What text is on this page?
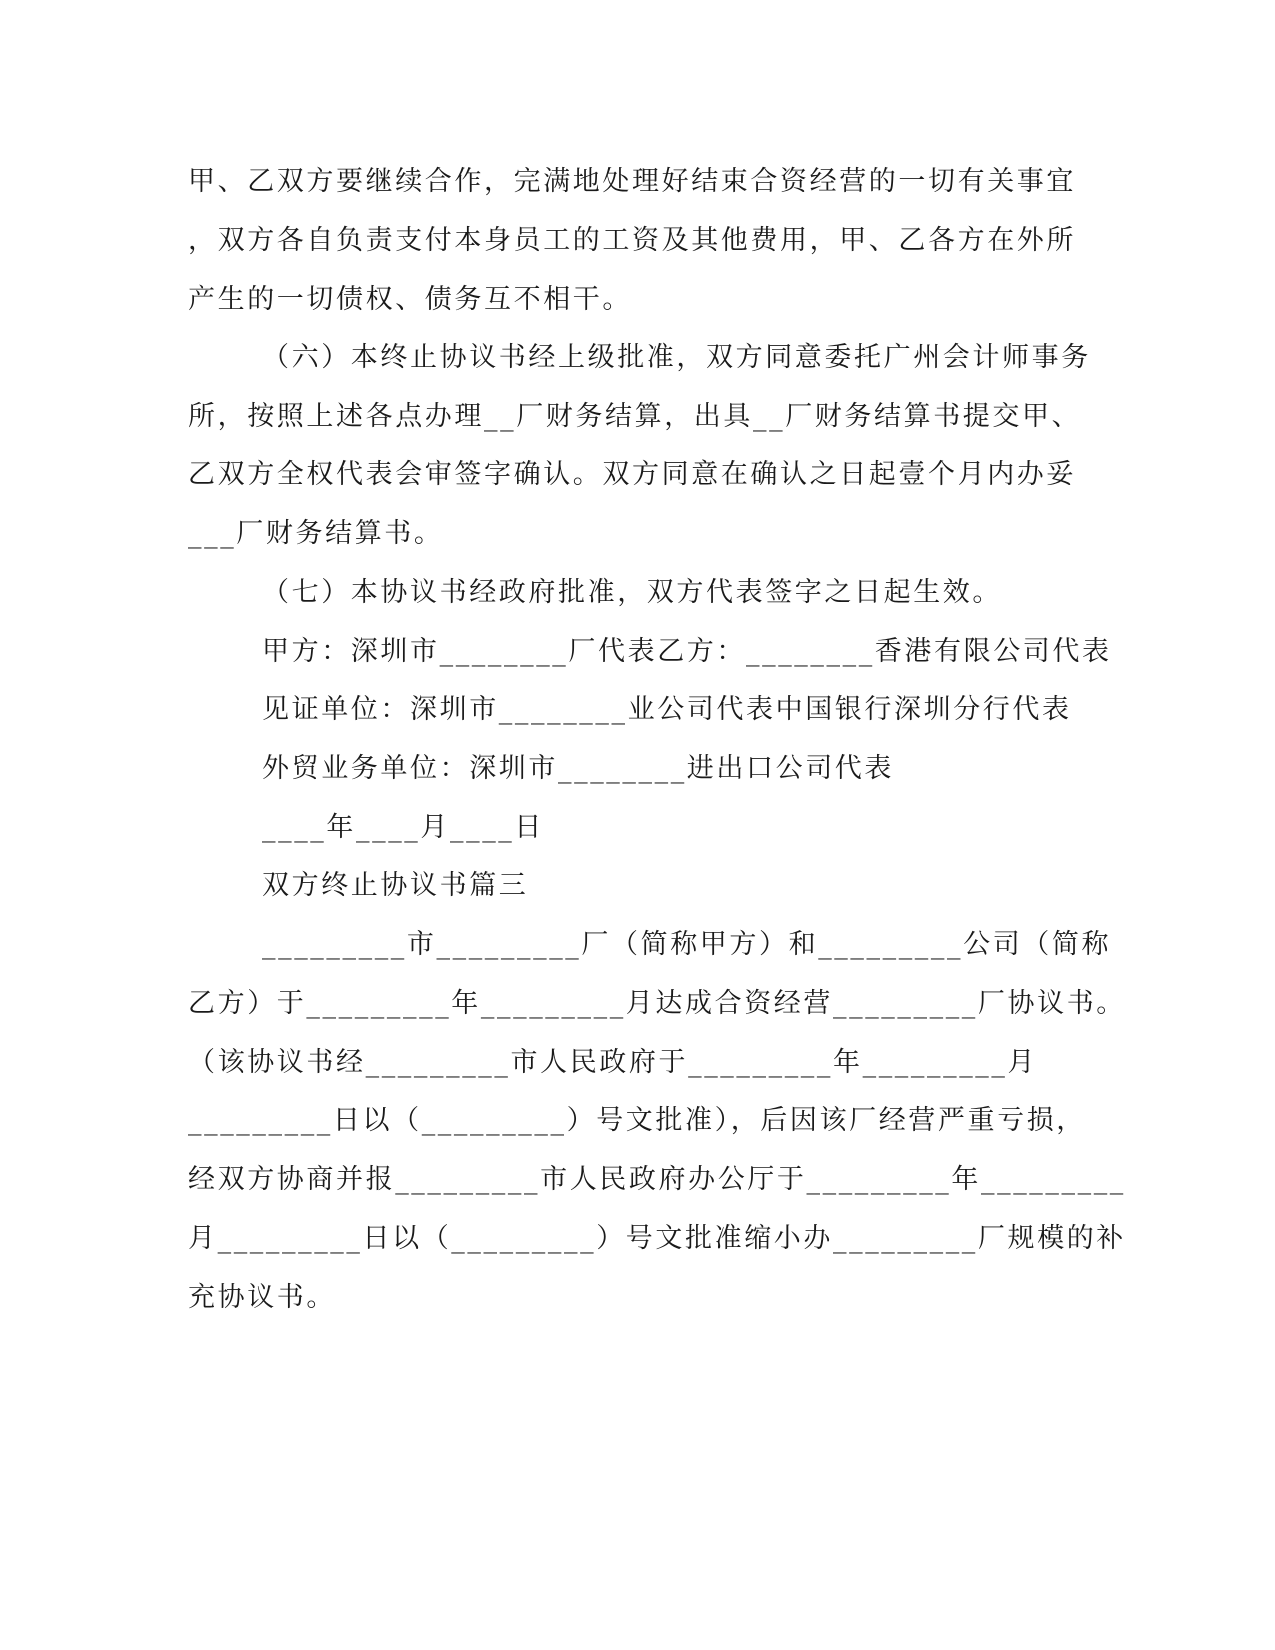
甲、乙双方要继续合作，完满地处理好结束合资经营的一切有关事宜
，双方各自负责支付本身员工的工资及其他费用，甲、乙各方在外所
产生的一切债权、债务互不相干。
（六）本终止协议书经上级批准，双方同意委托广州会计师事务
所，按照上述各点办理__厂财务结算，出具__厂财务结算书提交甲、
乙双方全权代表会审签字确认。双方同意在确认之日起壹个月内办妥
___厂财务结算书。
（七）本协议书经政府批准，双方代表签字之日起生效。
甲方：深圳市________厂代表乙方：________香港有限公司代表
见证单位：深圳市________业公司代表中国银行深圳分行代表
外贸业务单位：深圳市________进出口公司代表
____年____月____日
双方终止协议书篇三
_________市_________厂（简称甲方）和_________公司（简称
乙方）于_________年_________月达成合资经营_________厂协议书。
（该协议书经_________市人民政府于_________年_________月
_________日以（_________）号文批准），后因该厂经营严重亏损，
经双方协商并报_________市人民政府办公厅于_________年_________
月_________日以（_________）号文批准缩小办_________厂规模的补
充协议书。
